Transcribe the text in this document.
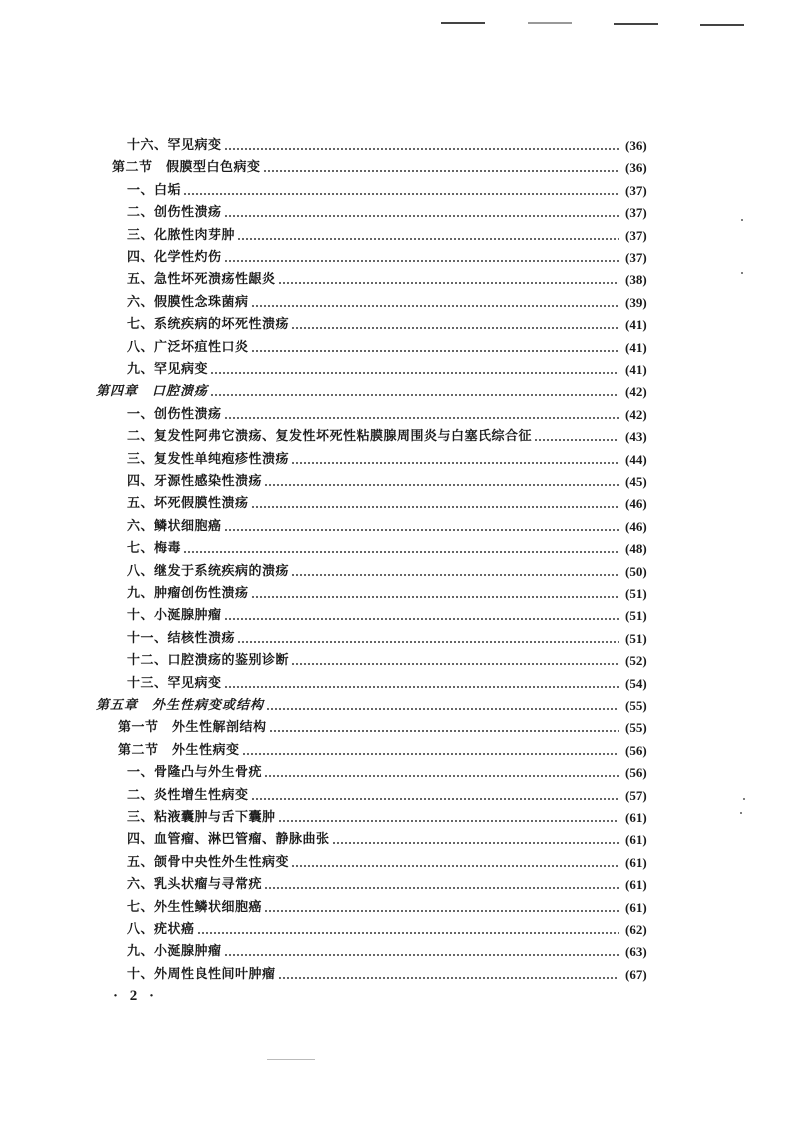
十六、罕见病变	(36)
第二节　假膜型白色病变	(36)
一、白垢	(37)
二、创伤性溃疡	(37)
三、化脓性肉芽肿	(37)
四、化学性灼伤	(37)
五、急性坏死溃疡性龈炎	(38)
六、假膜性念珠菌病	(39)
七、系统疾病的坏死性溃疡	(41)
八、广泛坏疽性口炎	(41)
九、罕见病变	(41)
第四章　口腔溃疡	(42)
一、创伤性溃疡	(42)
二、复发性阿弗它溃疡、复发性坏死性粘膜腺周围炎与白塞氏综合征	(43)
三、复发性单纯疱疹性溃疡	(44)
四、牙源性感染性溃疡	(45)
五、坏死假膜性溃疡	(46)
六、鳞状细胞癌	(46)
七、梅毒	(48)
八、继发于系统疾病的溃疡	(50)
九、肿瘤创伤性溃疡	(51)
十、小涎腺肿瘤	(51)
十一、结核性溃疡	(51)
十二、口腔溃疡的鉴别诊断	(52)
十三、罕见病变	(54)
第五章　外生性病变或结构	(55)
第一节　外生性解剖结构	(55)
第二节　外生性病变	(56)
一、骨隆凸与外生骨疣	(56)
二、炎性增生性病变	(57)
三、粘液囊肿与舌下囊肿	(61)
四、血管瘤、淋巴管瘤、静脉曲张	(61)
五、颌骨中央性外生性病变	(61)
六、乳头状瘤与寻常疣	(61)
七、外生性鳞状细胞癌	(61)
八、疣状癌	(62)
九、小涎腺肿瘤	(63)
十、外周性良性间叶肿瘤	(67)
· 2 ·
